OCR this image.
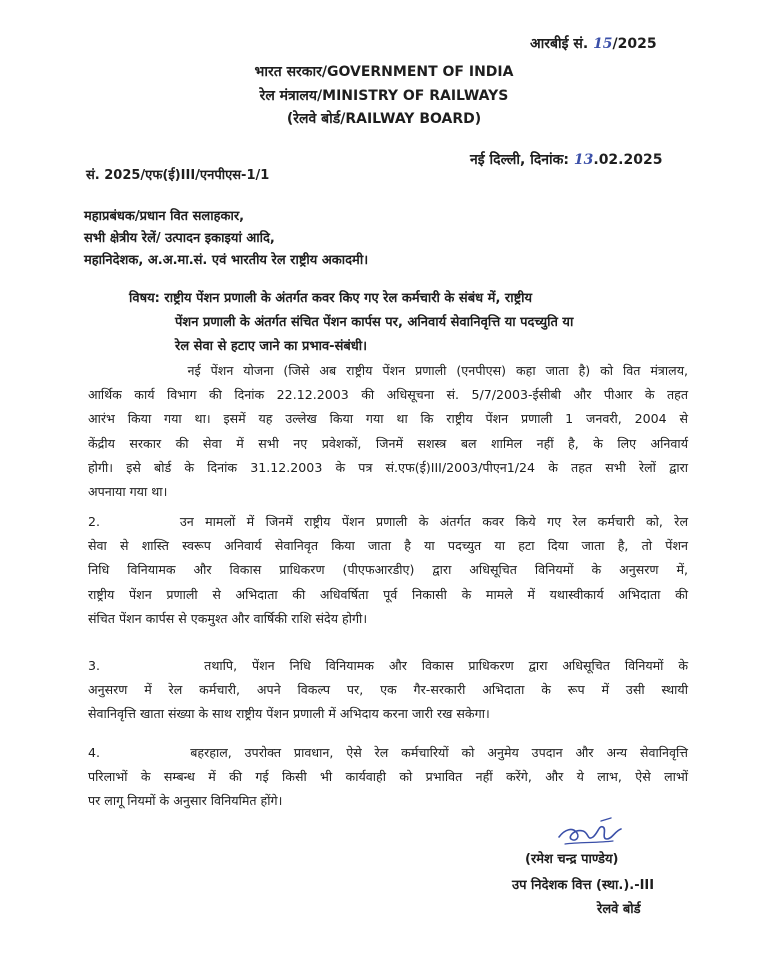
आरबीई सं. 15/2025
भारत सरकार/GOVERNMENT OF INDIA
रेल मंत्रालय/MINISTRY OF RAILWAYS
(रेलवे बोर्ड/RAILWAY BOARD)
सं. 2025/एफ(ई)III/एनपीएस-1/1
नई दिल्ली, दिनांक: 13.02.2025
महाप्रबंधक/प्रधान वित सलाहकार,
सभी क्षेत्रीय रेलें/ उत्पादन इकाइयां आदि,
महानिदेशक, अ.अ.मा.सं. एवं भारतीय रेल राष्ट्रीय अकादमी।
विषय: राष्ट्रीय पेंशन प्रणाली के अंतर्गत कवर किए गए रेल कर्मचारी के संबंध में, राष्ट्रीय
पेंशन प्रणाली के अंतर्गत संचित पेंशन कार्पस पर, अनिवार्य सेवानिवृत्ति या पदच्युति या
रेल सेवा से हटाए जाने का प्रभाव-संबंधी।
नई पेंशन योजना (जिसे अब राष्ट्रीय पेंशन प्रणाली (एनपीएस) कहा जाता है) को वित मंत्रालय,
आर्थिक कार्य विभाग की दिनांक 22.12.2003 की अधिसूचना सं. 5/7/2003-ईसीबी और पीआर के तहत
आरंभ किया गया था। इसमें यह उल्लेख किया गया था कि राष्ट्रीय पेंशन प्रणाली 1 जनवरी, 2004 से
केंद्रीय सरकार की सेवा में सभी नए प्रवेशकों, जिनमें सशस्त्र बल शामिल नहीं है, के लिए अनिवार्य
होगी। इसे बोर्ड के दिनांक 31.12.2003 के पत्र सं.एफ(ई)III/2003/पीएन1/24 के तहत सभी रेलों द्वारा
अपनाया गया था।
2.       उन मामलों में जिनमें राष्ट्रीय पेंशन प्रणाली के अंतर्गत कवर किये गए रेल कर्मचारी को, रेल
सेवा से शास्ति स्वरूप अनिवार्य सेवानिवृत किया जाता है या पदच्युत या हटा दिया जाता है, तो पेंशन
निधि विनियामक और विकास प्राधिकरण (पीएफआरडीए) द्वारा अधिसूचित विनियमों के अनुसरण में,
राष्ट्रीय पेंशन प्रणाली से अभिदाता की अधिवर्षिता पूर्व निकासी के मामले में यथास्वीकार्य अभिदाता की
संचित पेंशन कार्पस से एकमुश्त और वार्षिकी राशि संदेय होगी।
3.       तथापि, पेंशन निधि विनियामक और विकास प्राधिकरण द्वारा अधिसूचित विनियमों के
अनुसरण में रेल कर्मचारी, अपने विकल्प पर, एक गैर-सरकारी अभिदाता के रूप में उसी स्थायी
सेवानिवृत्ति खाता संख्या के साथ राष्ट्रीय पेंशन प्रणाली में अभिदाय करना जारी रख सकेगा।
4.       बहरहाल, उपरोक्त प्रावधान, ऐसे रेल कर्मचारियों को अनुमेय उपदान और अन्य सेवानिवृत्ति
परिलाभों के सम्बन्ध में की गई किसी भी कार्यवाही को प्रभावित नहीं करेंगे, और ये लाभ, ऐसे लाभों
पर लागू नियमों के अनुसार विनियमित होंगे।
(रमेश चन्द्र पाण्डेय)
उप निदेशक वित्त (स्था.).-III
रेलवे बोर्ड
